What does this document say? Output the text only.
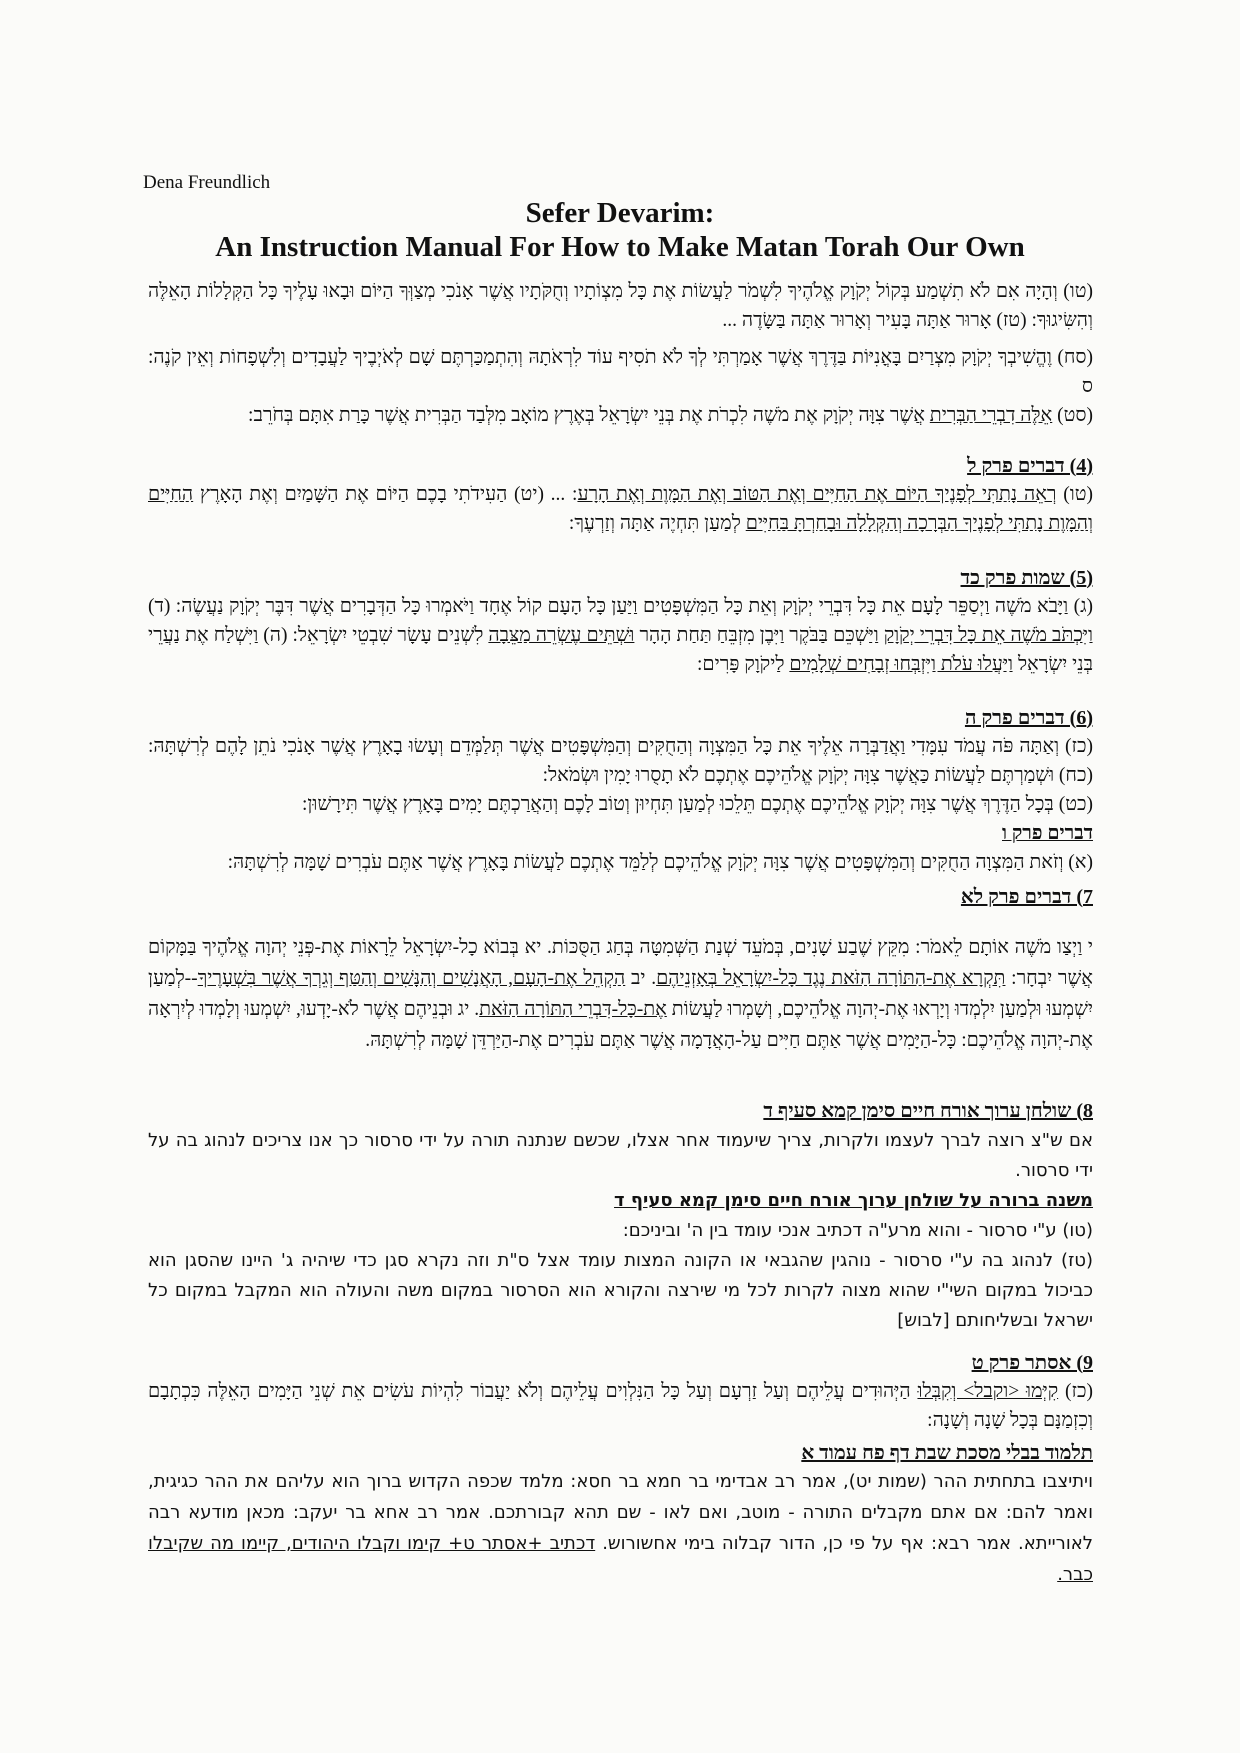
Dena Freundlich
Sefer Devarim:
An Instruction Manual For How to Make Matan Torah Our Own

(טו) וְהָיָה אִם לֹא תִשְׁמַע בְּקוֹל יְקֹוָק אֱלֹהֶיךָ לִשְׁמֹר לַעֲשׂוֹת אֶת כָּל מִצְוֹתָיו וְחֻקֹּתָיו אֲשֶׁר אָנֹכִי מְצַוְּךָ הַיּוֹם וּבָאוּ עָלֶיךָ כָּל הַקְּלָלוֹת הָאֵלֶּה וְהִשִּׂיגוּךָ: (טז) אָרוּר אַתָּה בָּעִיר וְאָרוּר אַתָּה בַּשָּׂדֶה ...

(סח) וֶהֱשִׁיבְךָ יְקֹוָק מִצְרַיִם בָּאֳנִיּוֹת בַּדֶּרֶךְ אֲשֶׁר אָמַרְתִּי לְךָ לֹא תֹסִיף עוֹד לִרְאֹתָהּ וְהִתְמַכַּרְתֶּם שָׁם לְאֹיְבֶיךָ לַעֲבָדִים וְלִשְׁפָחוֹת וְאֵין קֹנֶה: ס

(סט) אֵלֶּה דִבְרֵי הַבְּרִית אֲשֶׁר צִוָּה יְקֹוָק אֶת מֹשֶׁה לִכְרֹת אֶת בְּנֵי יִשְׂרָאֵל בְּאֶרֶץ מוֹאָב מִלְּבַד הַבְּרִית אֲשֶׁר כָּרַת אִתָּם בְּחֹרֵב:

(4) דברים פרק ל

(טו) רְאֵה נָתַתִּי לְפָנֶיךָ הַיּוֹם אֶת הַחַיִּים וְאֶת הַטּוֹב וְאֶת הַמָּוֶת וְאֶת הָרָע: ... (יט) הַעִידֹתִי בָכֶם הַיּוֹם אֶת הַשָּׁמַיִם וְאֶת הָאָרֶץ הַחַיִּים וְהַמָּוֶת נָתַתִּי לְפָנֶיךָ הַבְּרָכָה וְהַקְּלָלָה וּבָחַרְתָּ בַּחַיִּים לְמַעַן תִּחְיֶה אַתָּה וְזַרְעֶךָ:

(5) שמות פרק כד

(ג) וַיָּבֹא מֹשֶׁה וַיְסַפֵּר לָעָם אֵת כָּל דִּבְרֵי יְקֹוָק וְאֵת כָּל הַמִּשְׁפָּטִים וַיַּעַן כָּל הָעָם קוֹל אֶחָד וַיֹּאמְרוּ כָּל הַדְּבָרִים אֲשֶׁר דִּבֶּר יְקֹוָק נַעֲשֶׂה: (ד) וַיִּכְתֹּב מֹשֶׁה אֵת כָּל דִּבְרֵי יְקֹוָק וַיַּשְׁכֵּם בַּבֹּקֶר וַיִּבֶן מִזְבֵּחַ תַּחַת הָהָר וּשְׁתֵּים עֶשְׂרֵה מַצֵּבָה לִשְׁנֵים עָשָׂר שִׁבְטֵי יִשְׂרָאֵל: (ה) וַיִּשְׁלַח אֶת נַעֲרֵי בְּנֵי יִשְׂרָאֵל וַיַּעֲלוּ עֹלֹת וַיִּזְבְּחוּ זְבָחִים שְׁלָמִים לַיקֹוָק פָּרִים:

(6) דברים פרק ה

(כז) וְאַתָּה פֹּה עֲמֹד עִמָּדִי וַאֲדַבְּרָה אֵלֶיךָ אֵת כָּל הַמִּצְוָה וְהַחֻקִּים וְהַמִּשְׁפָּטִים אֲשֶׁר תְּלַמְּדֵם וְעָשׂוּ בָאָרֶץ אֲשֶׁר אָנֹכִי נֹתֵן לָהֶם לְרִשְׁתָּהּ: (כח) וּשְׁמַרְתֶּם לַעֲשׂוֹת כַּאֲשֶׁר צִוָּה יְקֹוָק אֱלֹהֵיכֶם אֶתְכֶם לֹא תָסֻרוּ יָמִין וּשְׂמֹאל:

(כט) בְּכָל הַדֶּרֶךְ אֲשֶׁר צִוָּה יְקֹוָק אֱלֹהֵיכֶם אֶתְכֶם תֵּלֵכוּ לְמַעַן תִּחְיוּן וְטוֹב לָכֶם וְהַאֲרַכְתֶּם יָמִים בָּאָרֶץ אֲשֶׁר תִּירָשׁוּן:

דברים פרק ו

(א) וְזֹאת הַמִּצְוָה הַחֻקִּים וְהַמִּשְׁפָּטִים אֲשֶׁר צִוָּה יְקֹוָק אֱלֹהֵיכֶם לְלַמֵּד אֶתְכֶם לַעֲשׂוֹת בָּאָרֶץ אֲשֶׁר אַתֶּם עֹבְרִים שָׁמָּה לְרִשְׁתָּהּ:

7) דברים פרק לא

י וַיְצַו מֹשֶׁה אוֹתָם לֵאמֹר: מִקֵּץ שֶׁבַע שָׁנִים, בְּמֹעֵד שְׁנַת הַשְּׁמִטָּה בְּחַג הַסֻּכּוֹת. יא בְּבוֹא כָל-יִשְׂרָאֵל לֵרָאוֹת אֶת-פְּנֵי יְהוָה אֱלֹהֶיךָ בַּמָּקוֹם אֲשֶׁר יִבְחָר: תִּקְרָא אֶת-הַתּוֹרָה הַזֹּאת נֶגֶד כָּל-יִשְׂרָאֵל בְּאָזְנֵיהֶם. יב הַקְהֵל אֶת-הָעָם, הָאֲנָשִׁים וְהַנָּשִׁים וְהַטַּף וְגֵרְךָ אֲשֶׁר בִּשְׁעָרֶיךָ--לְמַעַן יִשְׁמְעוּ וּלְמַעַן יִלְמְדוּ וְיָרְאוּ אֶת-יְהוָה אֱלֹהֵיכֶם, וְשָׁמְרוּ לַעֲשׂוֹת אֶת-כָּל-דִּבְרֵי הַתּוֹרָה הַזֹּאת. יג וּבְנֵיהֶם אֲשֶׁר לֹא-יָדְעוּ, יִשְׁמְעוּ וְלָמְדוּ לְיִרְאָה אֶת-יְהוָה אֱלֹהֵיכֶם: כָּל-הַיָּמִים אֲשֶׁר אַתֶּם חַיִּים עַל-הָאֲדָמָה אֲשֶׁר אַתֶּם עֹבְרִים אֶת-הַיַּרְדֵּן שָׁמָּה לְרִשְׁתָּהּ.

8) שולחן ערוך אורח חיים סימן קמא סעיף ד

אם ש"צ רוצה לברך לעצמו ולקרות, צריך שיעמוד אחר אצלו, שכשם שנתנה תורה על ידי סרסור כך אנו צריכים לנהוג בה על ידי סרסור.

משנה ברורה על שולחן ערוך אורח חיים סימן קמא סעיף ד

(טו) ע"י סרסור - והוא מרע"ה דכתיב אנכי עומד בין ה' וביניכם:

(טז) לנהוג בה ע"י סרסור - נוהגין שהגבאי או הקונה המצות עומד אצל ס"ת וזה נקרא סגן כדי שיהיה ג' היינו שהסגן הוא כביכול במקום השי"י שהוא מצוה לקרות לכל מי שירצה והקורא הוא הסרסור במקום משה והעולה הוא המקבל במקום כל ישראל ובשליחותם [לבוש]

9) אסתר פרק ט

(כז) קִיְּמוּ <וקבל> וְקִבְּלוּ הַיְּהוּדִים עֲלֵיהֶם וְעַל זַרְעָם וְעַל כָּל הַנִּלְוִים עֲלֵיהֶם וְלֹא יַעֲבוֹר לִהְיוֹת עֹשִׂים אֵת שְׁנֵי הַיָּמִים הָאֵלֶּה כִּכְתָבָם וְכִזְמַנָּם בְּכָל שָׁנָה וְשָׁנָה:

תלמוד בבלי מסכת שבת דף פח עמוד א

ויתיצבו בתחתית ההר (שמות יט), אמר רב אבדימי בר חמא בר חסא: מלמד שכפה הקדוש ברוך הוא עליהם את ההר כגיגית, ואמר להם: אם אתם מקבלים התורה - מוטב, ואם לאו - שם תהא קבורתכם. אמר רב אחא בר יעקב: מכאן מודעא רבה לאורייתא. אמר רבא: אף על פי כן, הדור קבלוה בימי אחשורוש. דכתיב +אסתר ט+ קימו וקבלו היהודים, קיימו מה שקיבלו כבר.
